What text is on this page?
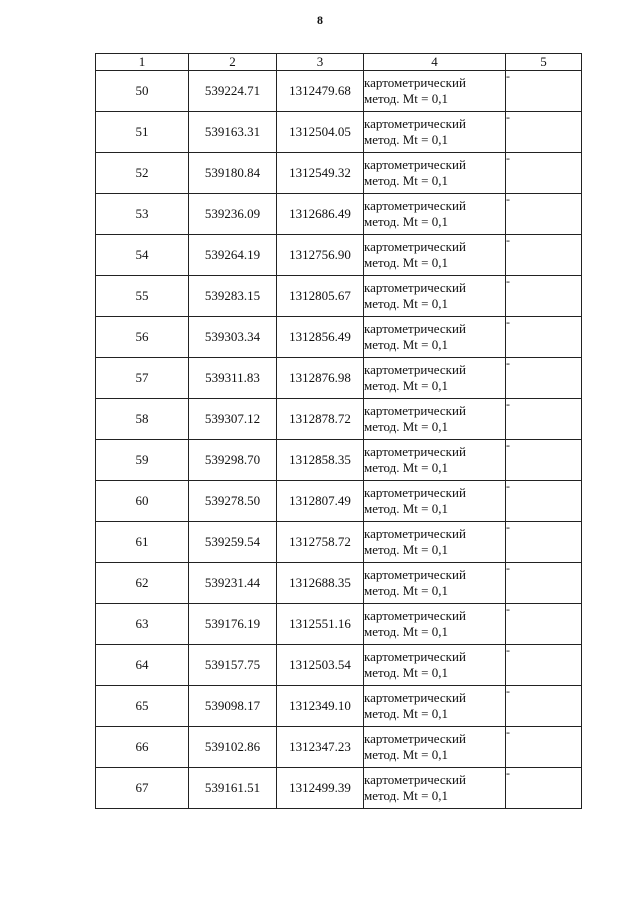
8
1	2	3	4	5
50	539224.71	1312479.68	картометрический
метод. Mt = 0,1	-
51	539163.31	1312504.05	картометрический
метод. Mt = 0,1	-
52	539180.84	1312549.32	картометрический
метод. Mt = 0,1	-
53	539236.09	1312686.49	картометрический
метод. Mt = 0,1	-
54	539264.19	1312756.90	картометрический
метод. Mt = 0,1	-
55	539283.15	1312805.67	картометрический
метод. Mt = 0,1	-
56	539303.34	1312856.49	картометрический
метод. Mt = 0,1	-
57	539311.83	1312876.98	картометрический
метод. Mt = 0,1	-
58	539307.12	1312878.72	картометрический
метод. Mt = 0,1	-
59	539298.70	1312858.35	картометрический
метод. Mt = 0,1	-
60	539278.50	1312807.49	картометрический
метод. Mt = 0,1	-
61	539259.54	1312758.72	картометрический
метод. Mt = 0,1	-
62	539231.44	1312688.35	картометрический
метод. Mt = 0,1	-
63	539176.19	1312551.16	картометрический
метод. Mt = 0,1	-
64	539157.75	1312503.54	картометрический
метод. Mt = 0,1	-
65	539098.17	1312349.10	картометрический
метод. Mt = 0,1	-
66	539102.86	1312347.23	картометрический
метод. Mt = 0,1	-
67	539161.51	1312499.39	картометрический
метод. Mt = 0,1	-
